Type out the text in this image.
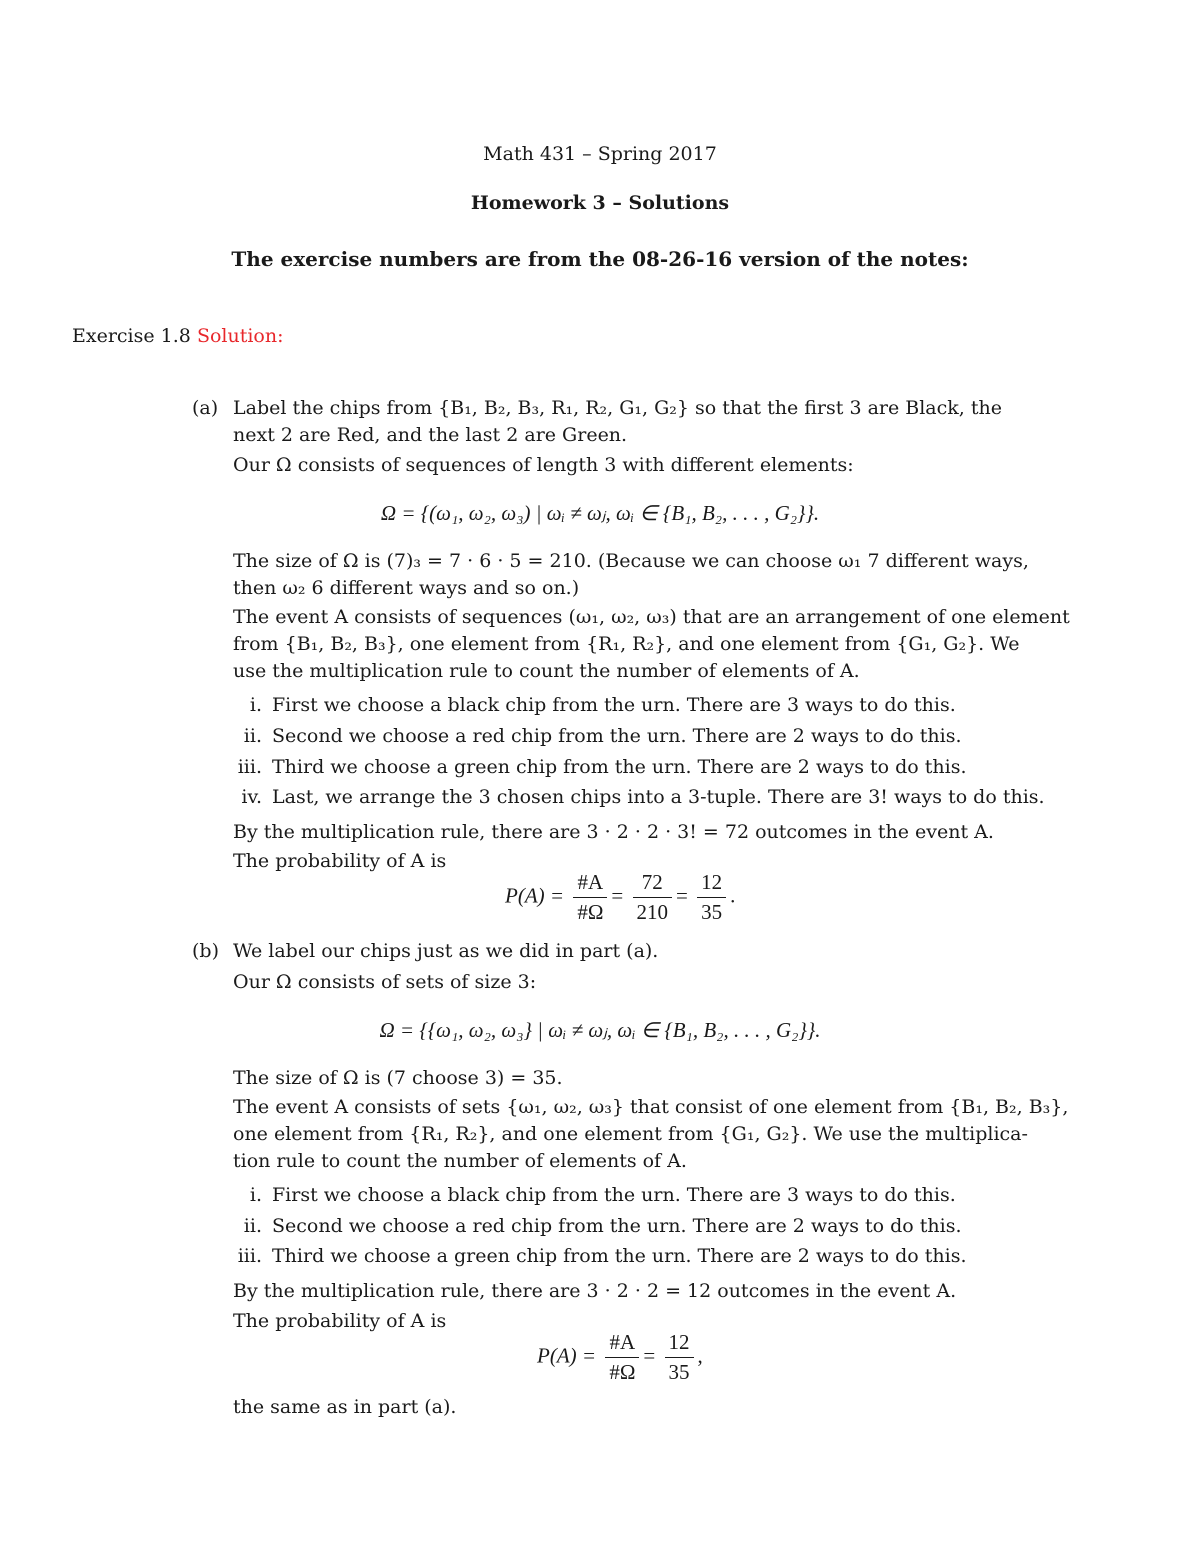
Math 431 – Spring 2017
Homework 3 – Solutions
The exercise numbers are from the 08-26-16 version of the notes:
Exercise 1.8 Solution:
(a) Label the chips from {B₁, B₂, B₃, R₁, R₂, G₁, G₂} so that the first 3 are Black, the
next 2 are Red, and the last 2 are Green.
Our Ω consists of sequences of length 3 with different elements:
Ω = {(ω₁, ω₂, ω₃) | ωᵢ ≠ ωⱼ, ωᵢ ∈ {B₁, B₂, . . . , G₂}}.
The size of Ω is (7)₃ = 7 · 6 · 5 = 210. (Because we can choose ω₁ 7 different ways,
then ω₂ 6 different ways and so on.)
The event A consists of sequences (ω₁, ω₂, ω₃) that are an arrangement of one element
from {B₁, B₂, B₃}, one element from {R₁, R₂}, and one element from {G₁, G₂}. We
use the multiplication rule to count the number of elements of A.
i. First we choose a black chip from the urn. There are 3 ways to do this.
ii. Second we choose a red chip from the urn. There are 2 ways to do this.
iii. Third we choose a green chip from the urn. There are 2 ways to do this.
iv. Last, we arrange the 3 chosen chips into a 3-tuple. There are 3! ways to do this.
By the multiplication rule, there are 3 · 2 · 2 · 3! = 72 outcomes in the event A.
The probability of A is
$P(A) = \frac{\#A}{\#\Omega} = \frac{72}{210} = \frac{12}{35}$ .
(b) We label our chips just as we did in part (a).
Our Ω consists of sets of size 3:
Ω = {{ω₁, ω₂, ω₃} | ωᵢ ≠ ωⱼ, ωᵢ ∈ {B₁, B₂, . . . , G₂}}.
The size of Ω is (7 choose 3) = 35.
The event A consists of sets {ω₁, ω₂, ω₃} that consist of one element from {B₁, B₂, B₃},
one element from {R₁, R₂}, and one element from {G₁, G₂}. We use the multiplica-
tion rule to count the number of elements of A.
i. First we choose a black chip from the urn. There are 3 ways to do this.
ii. Second we choose a red chip from the urn. There are 2 ways to do this.
iii. Third we choose a green chip from the urn. There are 2 ways to do this.
By the multiplication rule, there are 3 · 2 · 2 = 12 outcomes in the event A.
The probability of A is
$P(A) = \frac{\#A}{\#\Omega} = \frac{12}{35}$ ,
the same as in part (a).
